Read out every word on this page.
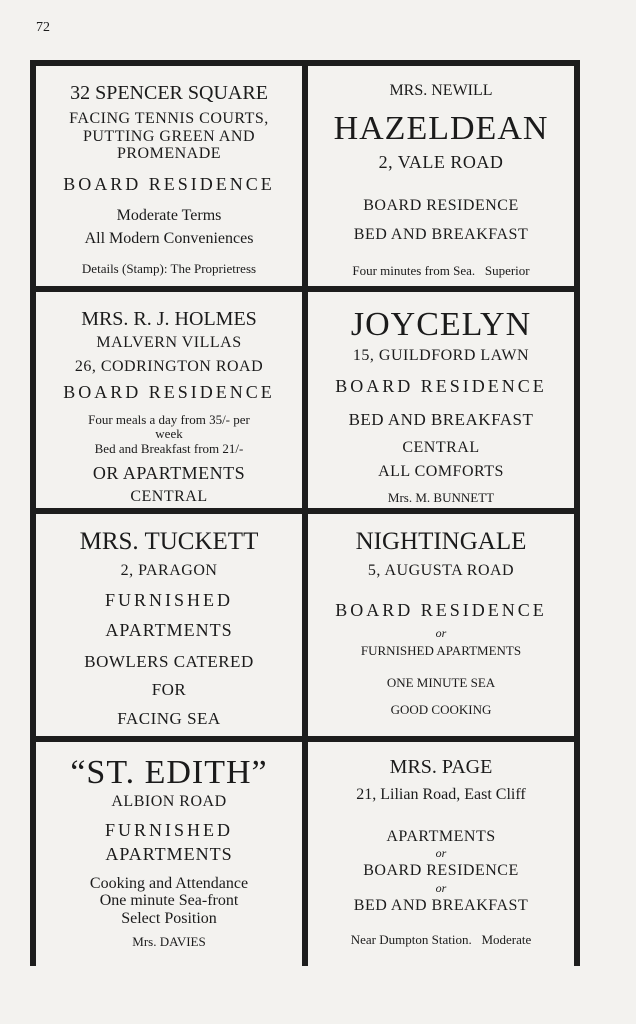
72

32 SPENCER SQUARE

FACING TENNIS COURTS,

PUTTING GREEN AND

PROMENADE

BOARD RESIDENCE

Moderate Terms

All Modern Conveniences

Details (Stamp): The Proprietress

MRS. NEWILL

HAZELDEAN

2, VALE ROAD

BOARD RESIDENCE

BED AND BREAKFAST

Four minutes from Sea.   Superior

MRS. R. J. HOLMES

MALVERN VILLAS

26, CODRINGTON ROAD

BOARD RESIDENCE

Four meals a day from 35/- per

week

Bed and Breakfast from 21/-

OR APARTMENTS

CENTRAL

JOYCELYN

15, GUILDFORD LAWN

BOARD RESIDENCE

BED AND BREAKFAST

CENTRAL

ALL COMFORTS

Mrs. M. BUNNETT

MRS. TUCKETT

2, PARAGON

FURNISHED

APARTMENTS

BOWLERS CATERED

FOR

FACING SEA

NIGHTINGALE

5, AUGUSTA ROAD

BOARD RESIDENCE

or

FURNISHED APARTMENTS

ONE MINUTE SEA

GOOD COOKING

“ST. EDITH”

ALBION ROAD

FURNISHED

APARTMENTS

Cooking and Attendance

One minute Sea-front

Select Position

Mrs. DAVIES

MRS. PAGE

21, Lilian Road, East Cliff

APARTMENTS

or

BOARD RESIDENCE

or

BED AND BREAKFAST

Near Dumpton Station.   Moderate
